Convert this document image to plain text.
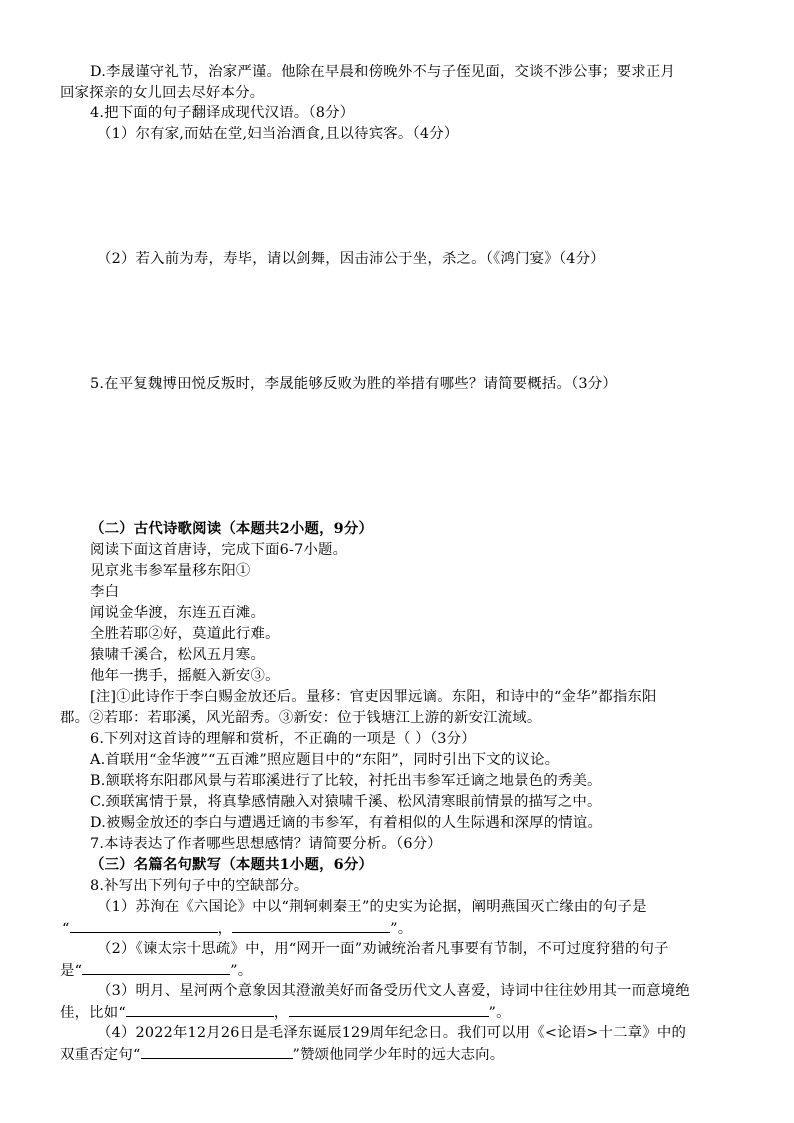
D.李晟谨守礼节，治家严谨。他除在早晨和傍晚外不与子侄见面，交谈不涉公事；要求正月

回家探亲的女儿回去尽好本分。

4.把下面的句子翻译成现代汉语。（8分）

（1）尔有家,而姑在堂,妇当治酒食,且以待宾客。（4分）

（2）若入前为寿，寿毕，请以剑舞，因击沛公于坐，杀之。（《鸿门宴》（4分）

5.在平复魏博田悦反叛时，李晟能够反败为胜的举措有哪些？请简要概括。（3分）

（二）古代诗歌阅读（本题共2小题，9分）

阅读下面这首唐诗，完成下面6-7小题。

见京兆韦参军量移东阳①

李白

闻说金华渡，东连五百滩。

全胜若耶②好，莫道此行难。

猿啸千溪合，松风五月寒。

他年一携手，摇艇入新安③。

[注]①此诗作于李白赐金放还后。量移：官吏因罪远谪。东阳，和诗中的“金华”都指东阳

郡。②若耶：若耶溪，风光韶秀。③新安：位于钱塘江上游的新安江流域。

6.下列对这首诗的理解和赏析，不正确的一项是（ ）（3分）

A.首联用“金华渡”“五百滩”照应题目中的“东阳”，同时引出下文的议论。

B.颔联将东阳郡风景与若耶溪进行了比较，衬托出韦参军迁谪之地景色的秀美。

C.颈联寓情于景，将真挚感情融入对猿啸千溪、松风清寒眼前情景的描写之中。

D.被赐金放还的李白与遭遇迁谪的韦参军，有着相似的人生际遇和深厚的情谊。

7.本诗表达了作者哪些思想感情？请简要分析。（6分）

（三）名篇名句默写（本题共1小题，6分）

8.补写出下列句子中的空缺部分。

（1）苏洵在《六国论》中以“荆轲刺秦王”的史实为论据，阐明燕国灭亡缘由的句子是

“	，	”。

（2）《谏太宗十思疏》中，用“网开一面”劝诫统治者凡事要有节制，不可过度狩猎的句子

是“	”。

（3）明月、星河两个意象因其澄澈美好而备受历代文人喜爱，诗词中往往妙用其一而意境绝

佳，比如“	，	”。

（4）2022年12月26日是毛泽东诞辰129周年纪念日。我们可以用《<论语>十二章》中的

双重否定句“	”赞颂他同学少年时的远大志向。
